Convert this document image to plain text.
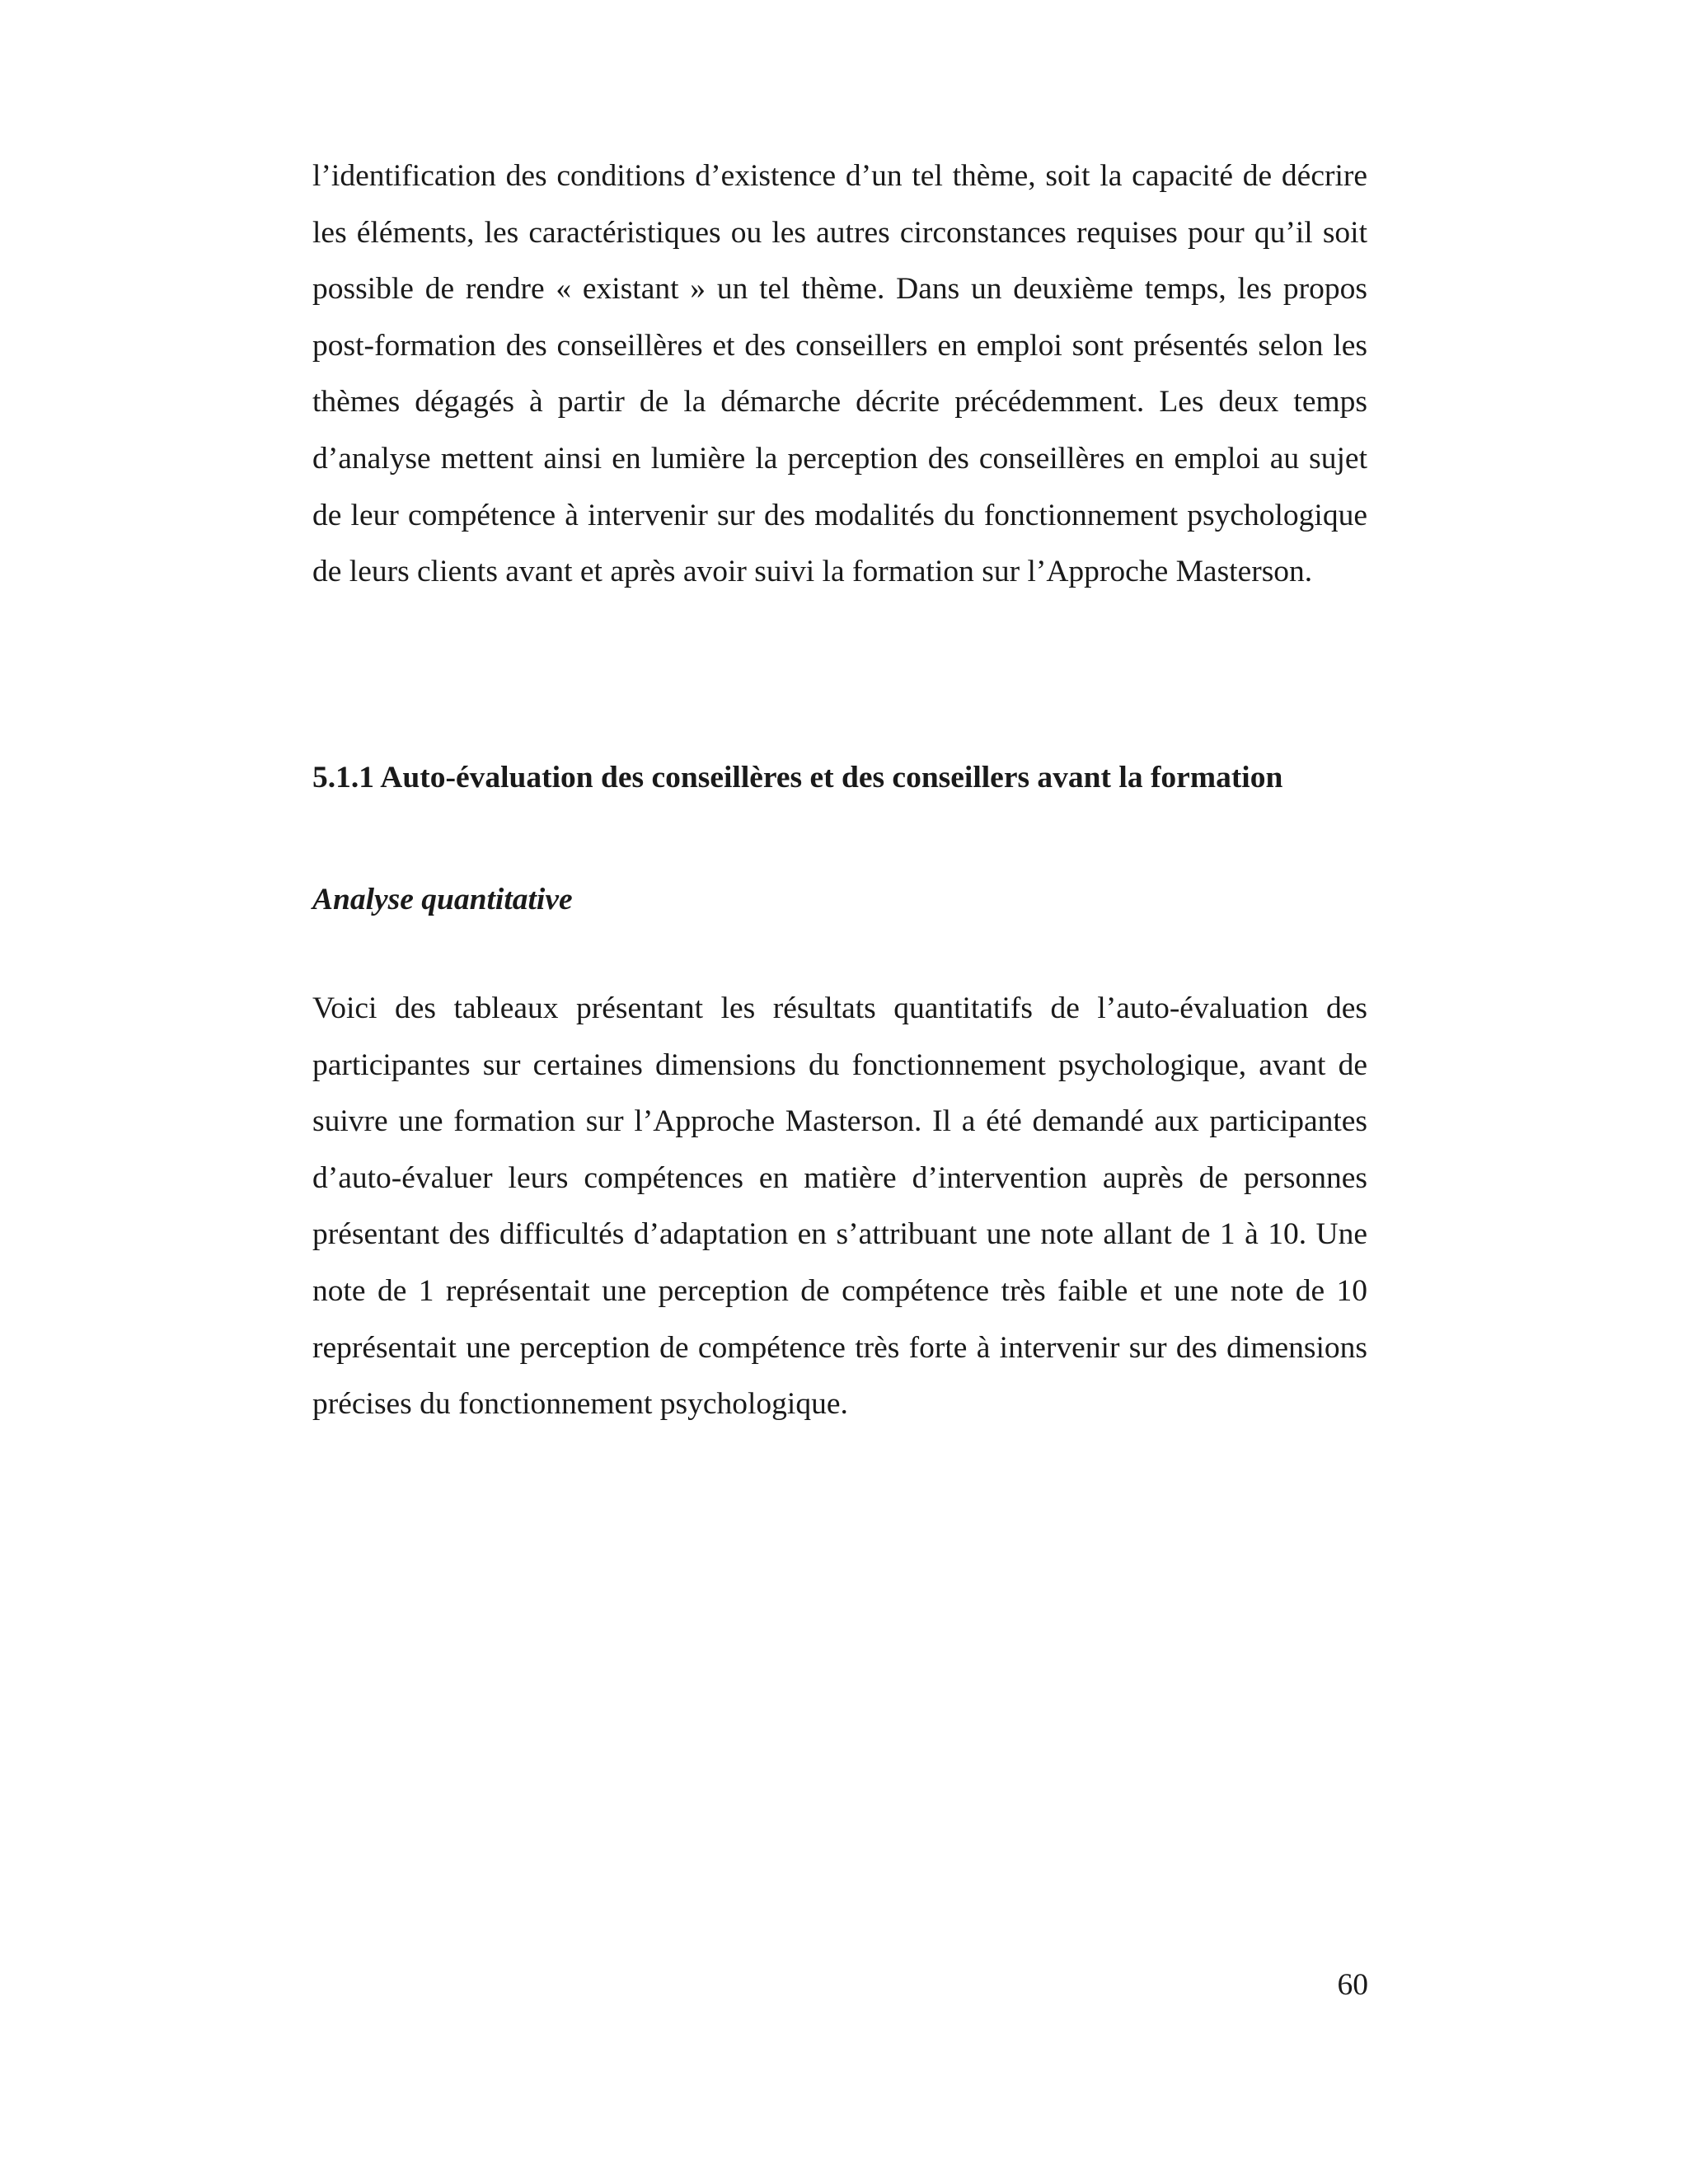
l’identification des conditions d’existence d’un tel thème, soit la capacité de décrire les éléments, les caractéristiques ou les autres circonstances requises pour qu’il soit possible de rendre « existant » un tel thème. Dans un deuxième temps, les propos post-formation des conseillères et des conseillers en emploi sont présentés selon les thèmes dégagés à partir de la démarche décrite précédemment. Les deux temps d’analyse mettent ainsi en lumière la perception des conseillères en emploi au sujet de leur compétence à intervenir sur des modalités du fonctionnement psychologique de leurs clients avant et après avoir suivi la formation sur l’Approche Masterson.

5.1.1 Auto-évaluation des conseillères et des conseillers avant la formation
Analyse quantitative

Voici des tableaux présentant les résultats quantitatifs de l’auto-évaluation des participantes sur certaines dimensions du fonctionnement psychologique, avant de suivre une formation sur l’Approche Masterson. Il a été demandé aux participantes d’auto-évaluer leurs compétences en matière d’intervention auprès de personnes présentant des difficultés d’adaptation en s’attribuant une note allant de 1 à 10. Une note de 1 représentait une perception de compétence très faible et une note de 10 représentait une perception de compétence très forte à intervenir sur des dimensions précises du fonctionnement psychologique.

60
